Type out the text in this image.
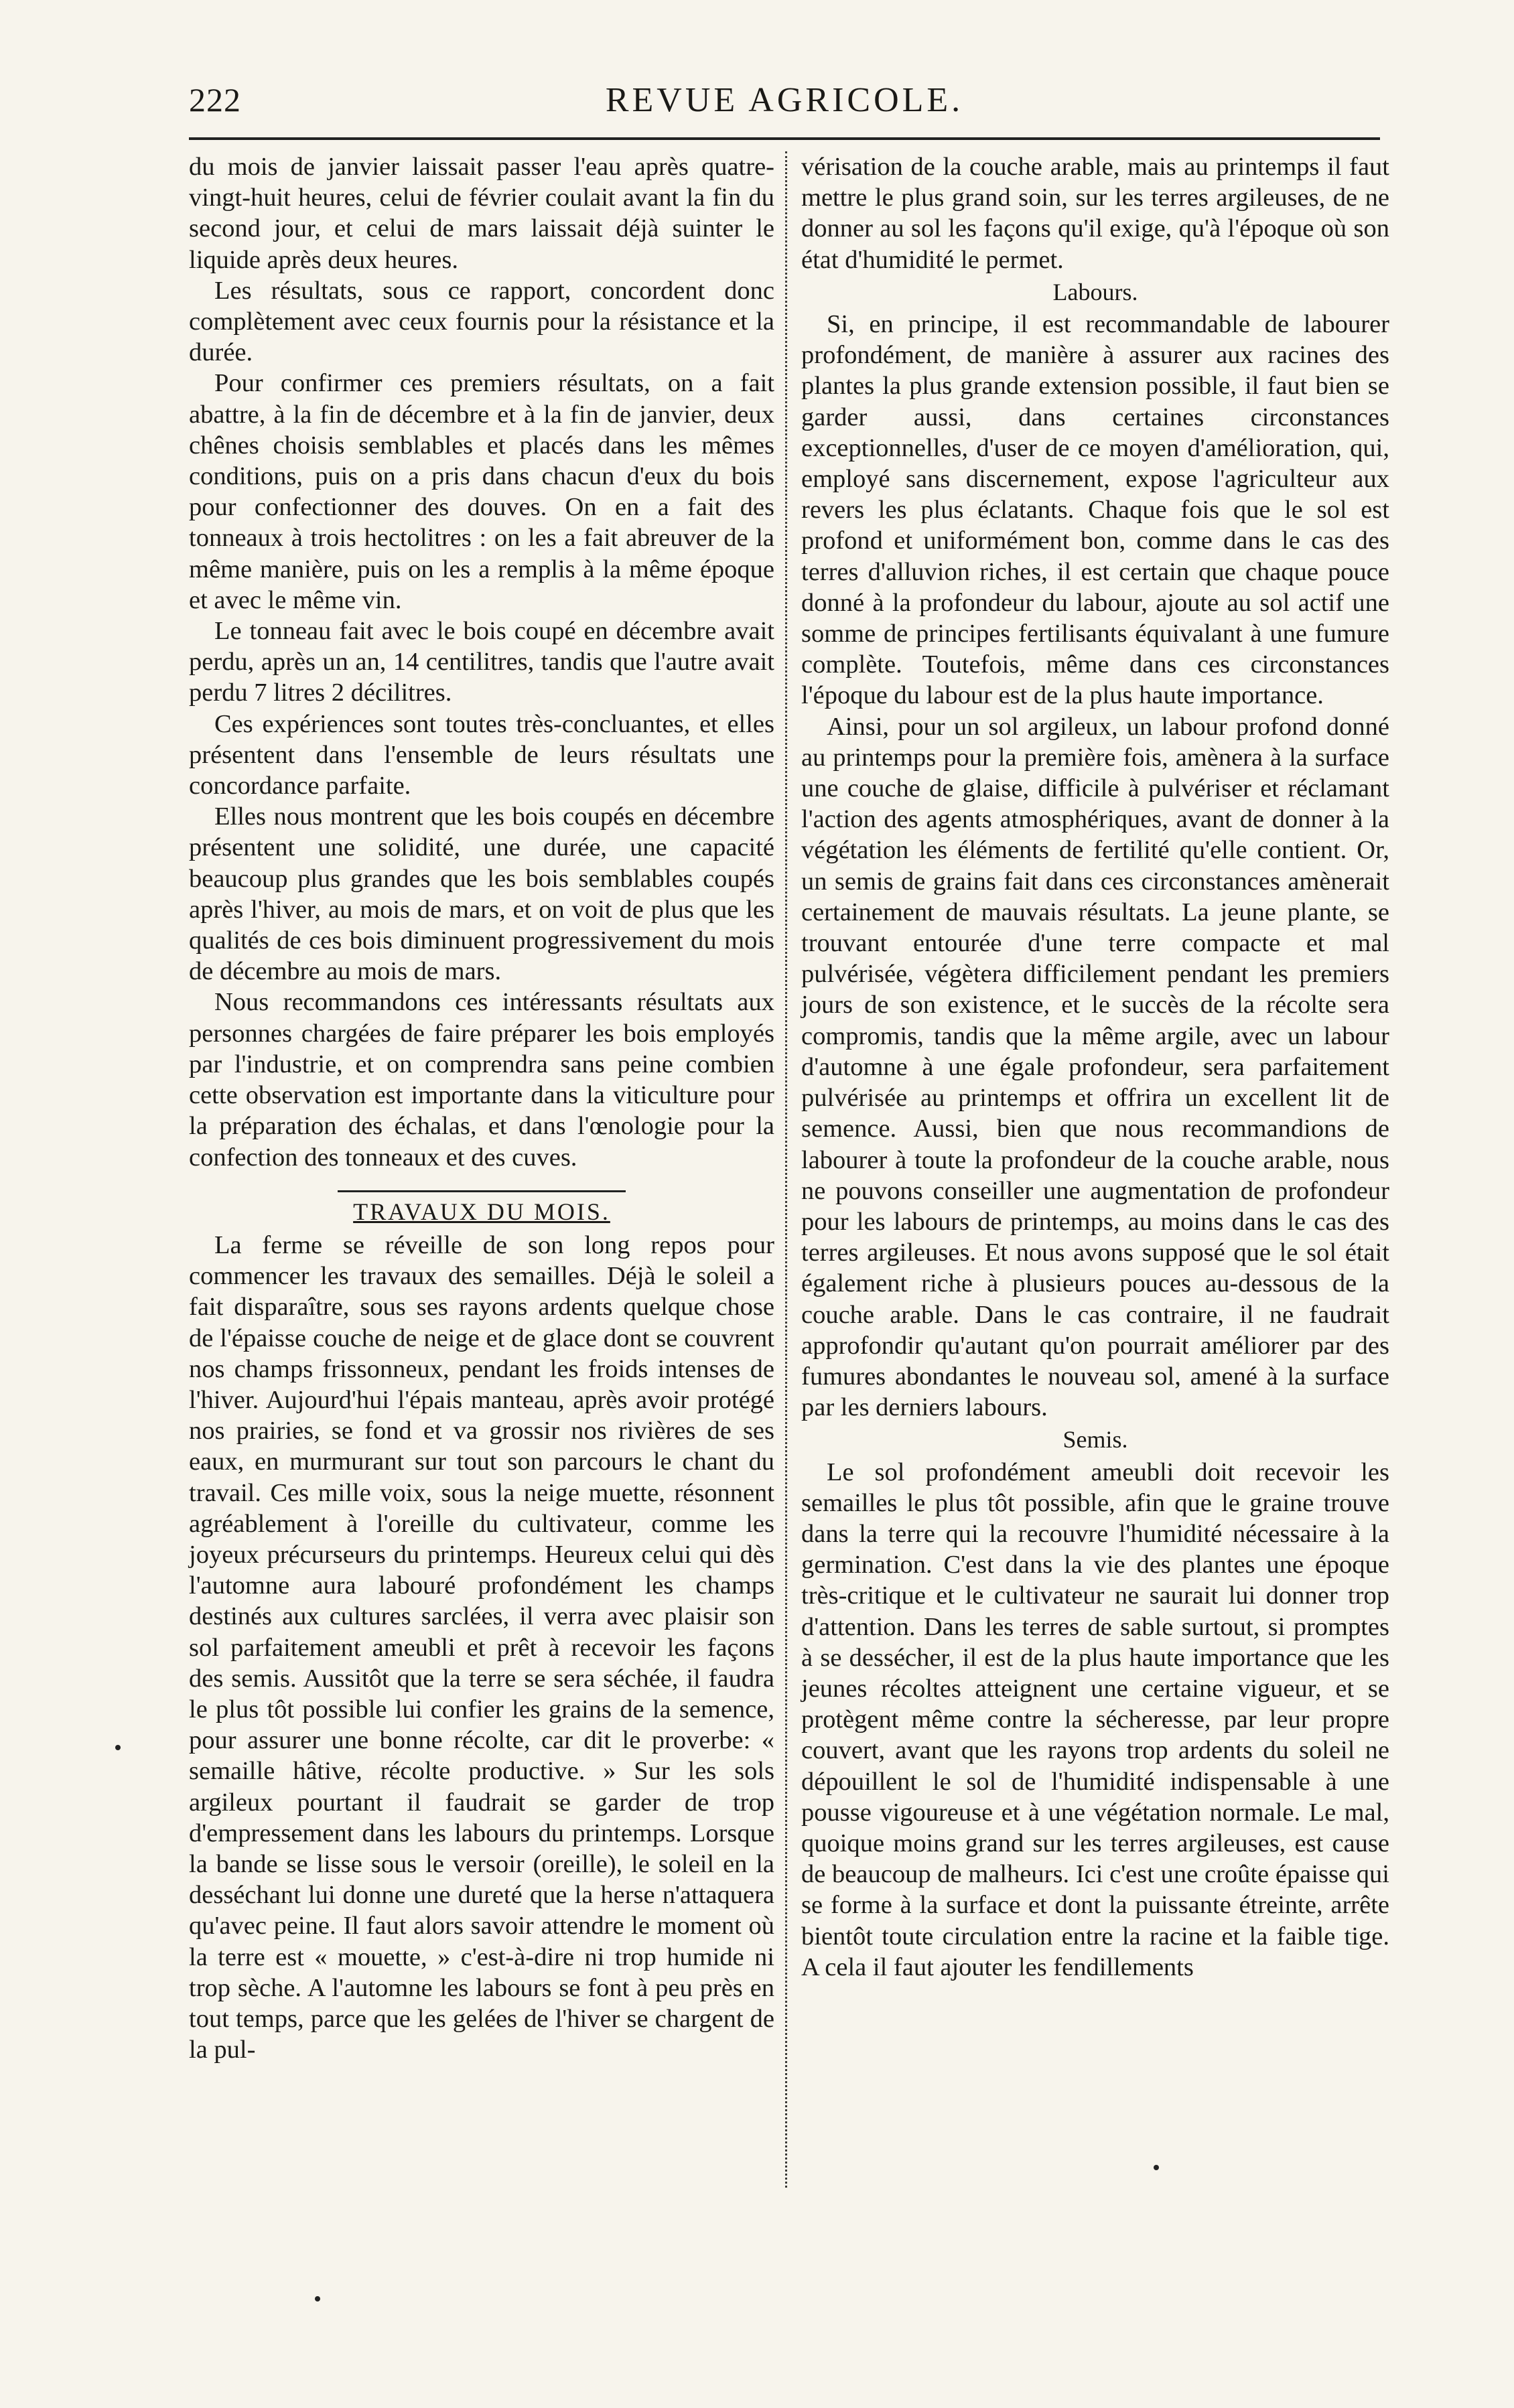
222	REVUE AGRICOLE.

du mois de janvier laissait passer l'eau après quatre-vingt-huit heures, celui de février coulait avant la fin du second jour, et celui de mars laissait déjà suinter le liquide après deux heures.

Les résultats, sous ce rapport, concordent donc complètement avec ceux fournis pour la résistance et la durée.

Pour confirmer ces premiers résultats, on a fait abattre, à la fin de décembre et à la fin de janvier, deux chênes choisis semblables et placés dans les mêmes conditions, puis on a pris dans chacun d'eux du bois pour confectionner des douves. On en a fait des tonneaux à trois hectolitres : on les a fait abreuver de la même manière, puis on les a remplis à la même époque et avec le même vin.

Le tonneau fait avec le bois coupé en décembre avait perdu, après un an, 14 centilitres, tandis que l'autre avait perdu 7 litres 2 décilitres.

Ces expériences sont toutes très-concluantes, et elles présentent dans l'ensemble de leurs résultats une concordance parfaite.

Elles nous montrent que les bois coupés en décembre présentent une solidité, une durée, une capacité beaucoup plus grandes que les bois semblables coupés après l'hiver, au mois de mars, et on voit de plus que les qualités de ces bois diminuent progressivement du mois de décembre au mois de mars.

Nous recommandons ces intéressants résultats aux personnes chargées de faire préparer les bois employés par l'industrie, et on comprendra sans peine combien cette observation est importante dans la viticulture pour la préparation des échalas, et dans l'œnologie pour la confection des tonneaux et des cuves.

TRAVAUX DU MOIS.

La ferme se réveille de son long repos pour commencer les travaux des semailles. Déjà le soleil a fait disparaître, sous ses rayons ardents quelque chose de l'épaisse couche de neige et de glace dont se couvrent nos champs frissonneux, pendant les froids intenses de l'hiver. Aujourd'hui l'épais manteau, après avoir protégé nos prairies, se fond et va grossir nos rivières de ses eaux, en murmurant sur tout son parcours le chant du travail. Ces mille voix, sous la neige muette, résonnent agréablement à l'oreille du cultivateur, comme les joyeux précurseurs du printemps. Heureux celui qui dès l'automne aura labouré profondément les champs destinés aux cultures sarclées, il verra avec plaisir son sol parfaitement ameubli et prêt à recevoir les façons des semis. Aussitôt que la terre se sera séchée, il faudra le plus tôt possible lui confier les grains de la semence, pour assurer une bonne récolte, car dit le proverbe: « semaille hâtive, récolte productive. » Sur les sols argileux pourtant il faudrait se garder de trop d'empressement dans les labours du printemps. Lorsque la bande se lisse sous le versoir (oreille), le soleil en la desséchant lui donne une dureté que la herse n'attaquera qu'avec peine. Il faut alors savoir attendre le moment où la terre est « mouette, » c'est-à-dire ni trop humide ni trop sèche. A l'automne les labours se font à peu près en tout temps, parce que les gelées de l'hiver se chargent de la pul-

vérisation de la couche arable, mais au printemps il faut mettre le plus grand soin, sur les terres argileuses, de ne donner au sol les façons qu'il exige, qu'à l'époque où son état d'humidité le permet.

Labours.

Si, en principe, il est recommandable de labourer profondément, de manière à assurer aux racines des plantes la plus grande extension possible, il faut bien se garder aussi, dans certaines circonstances exceptionnelles, d'user de ce moyen d'amélioration, qui, employé sans discernement, expose l'agriculteur aux revers les plus éclatants. Chaque fois que le sol est profond et uniformément bon, comme dans le cas des terres d'alluvion riches, il est certain que chaque pouce donné à la profondeur du labour, ajoute au sol actif une somme de principes fertilisants équivalant à une fumure complète. Toutefois, même dans ces circonstances l'époque du labour est de la plus haute importance.

Ainsi, pour un sol argileux, un labour profond donné au printemps pour la première fois, amènera à la surface une couche de glaise, difficile à pulvériser et réclamant l'action des agents atmosphériques, avant de donner à la végétation les éléments de fertilité qu'elle contient. Or, un semis de grains fait dans ces circonstances amènerait certainement de mauvais résultats. La jeune plante, se trouvant entourée d'une terre compacte et mal pulvérisée, végètera difficilement pendant les premiers jours de son existence, et le succès de la récolte sera compromis, tandis que la même argile, avec un labour d'automne à une égale profondeur, sera parfaitement pulvérisée au printemps et offrira un excellent lit de semence. Aussi, bien que nous recommandions de labourer à toute la profondeur de la couche arable, nous ne pouvons conseiller une augmentation de profondeur pour les labours de printemps, au moins dans le cas des terres argileuses. Et nous avons supposé que le sol était également riche à plusieurs pouces au-dessous de la couche arable. Dans le cas contraire, il ne faudrait approfondir qu'autant qu'on pourrait améliorer par des fumures abondantes le nouveau sol, amené à la surface par les derniers labours.

Semis.

Le sol profondément ameubli doit recevoir les semailles le plus tôt possible, afin que le graine trouve dans la terre qui la recouvre l'humidité nécessaire à la germination. C'est dans la vie des plantes une époque très-critique et le cultivateur ne saurait lui donner trop d'attention. Dans les terres de sable surtout, si promptes à se dessécher, il est de la plus haute importance que les jeunes récoltes atteignent une certaine vigueur, et se protègent même contre la sécheresse, par leur propre couvert, avant que les rayons trop ardents du soleil ne dépouillent le sol de l'humidité indispensable à une pousse vigoureuse et à une végétation normale. Le mal, quoique moins grand sur les terres argileuses, est cause de beaucoup de malheurs. Ici c'est une croûte épaisse qui se forme à la surface et dont la puissante étreinte, arrête bientôt toute circulation entre la racine et la faible tige. A cela il faut ajouter les fendillements
